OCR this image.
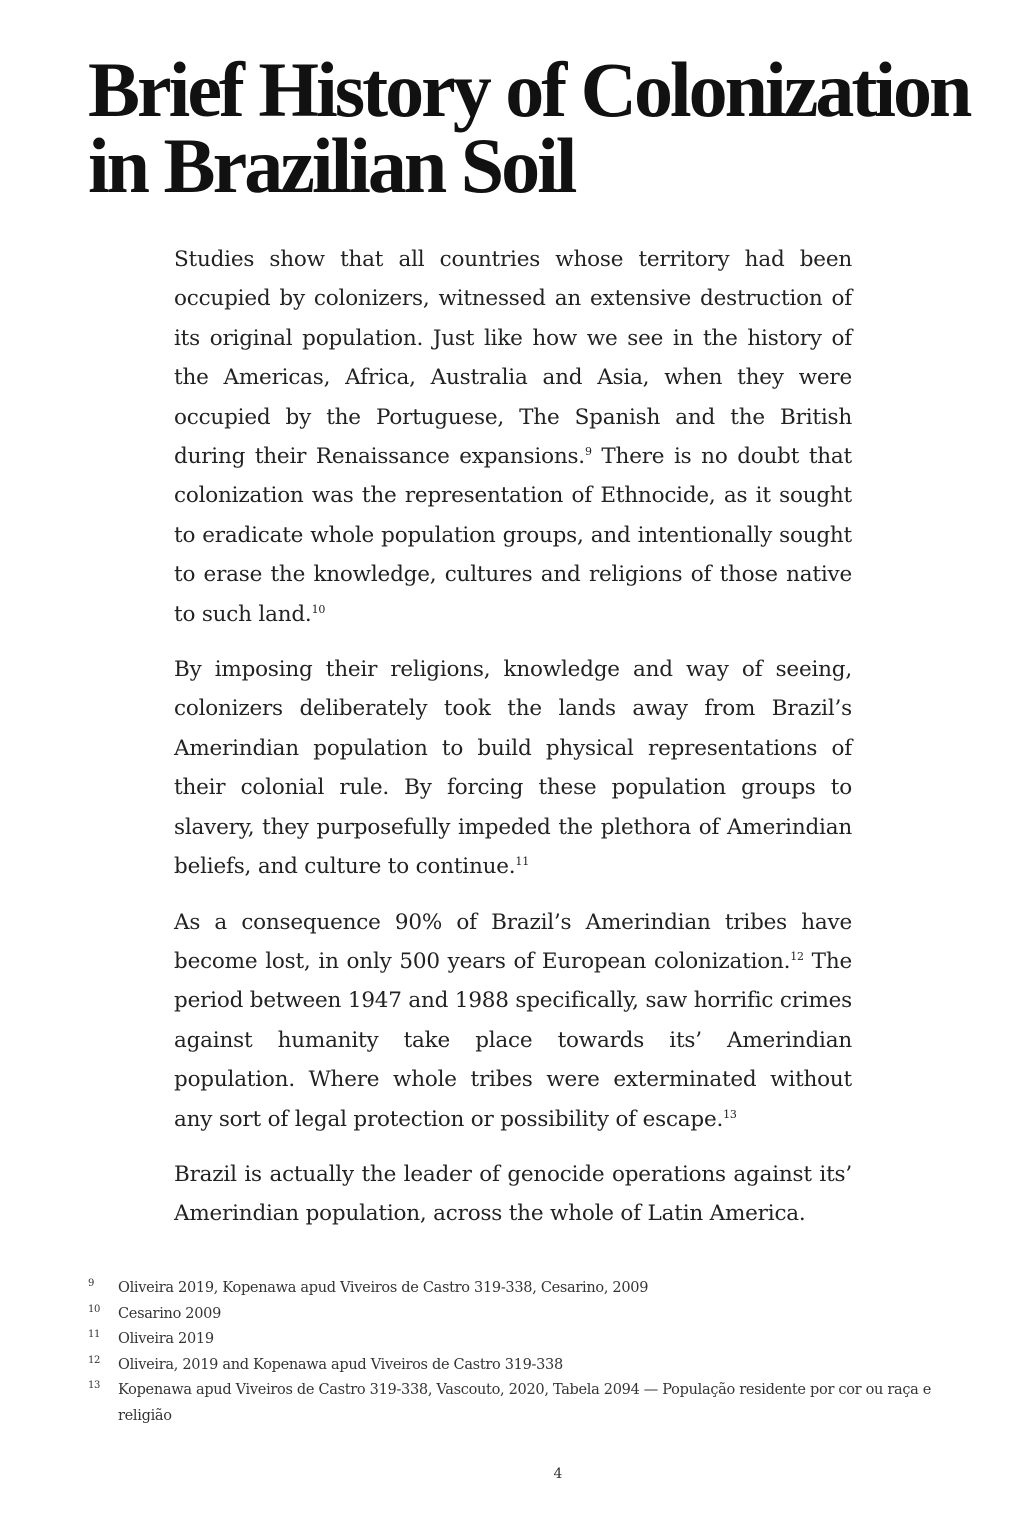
Brief History of Colonization
in Brazilian Soil

Studies show that all countries whose territory had been occupied by colonizers, witnessed an extensive destruction of its original population. Just like how we see in the history of the Americas, Africa, Australia and Asia, when they were occupied by the Portuguese, The Spanish and the British during their Renaissance expansions.$^9$ There is no doubt that colonization was the representation of Ethnocide, as it sought to eradicate whole population groups, and intentionally sought to erase the knowledge, cultures and religions of those native to such land.$^{10}$

By imposing their religions, knowledge and way of seeing, colonizers deliberately took the lands away from Brazil’s Amerindian population to build physical representations of their colonial rule. By forcing these population groups to slavery, they purposefully impeded the plethora of Amerindian beliefs, and culture to continue.$^{11}$

As a consequence 90% of Brazil’s Amerindian tribes have become lost, in only 500 years of European colonization.$^{12}$ The period between 1947 and 1988 specifically, saw horrific crimes against humanity take place towards its’ Amerindian population. Where whole tribes were exterminated without any sort of legal protection or possibility of escape.$^{13}$

Brazil is actually the leader of genocide operations against its’ Amerindian population, across the whole of Latin America.

9	Oliveira 2019, Kopenawa apud Viveiros de Castro 319-338, Cesarino, 2009
10	Cesarino 2009
11	Oliveira 2019
12	Oliveira, 2019 and Kopenawa apud Viveiros de Castro 319-338
13	Kopenawa apud Viveiros de Castro 319-338, Vascouto, 2020, Tabela 2094 — População residente por cor ou raça e religião
4
